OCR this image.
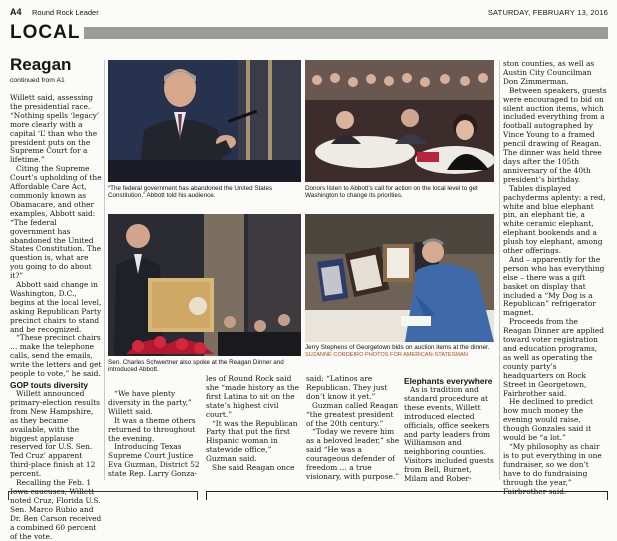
A4 Round Rock Leader	SATURDAY, FEBRUARY 13, 2016
LOCAL
Reagan
continued from A1

Willett said, assessing the presidential race. “Nothing spells ‘legacy’ more clearly with a capital ‘L’ than who the president puts on the Supreme Court for a lifetime.”

Citing the Supreme Court’s upholding of the Affordable Care Act, commonly known as Obamacare, and other examples, Abbott said: “The federal government has abandoned the United States Constitution. The question is, what are you going to do about it?”

Abbott said change in Washington, D.C., begins at the local level, asking Republican Party precinct chairs to stand and be recognized.

“These precinct chairs … make the telephone calls, send the emails, write the letters and get people to vote,” he said.

GOP touts diversity

Willett announced primary-election results from New Hampshire, as they became available, with the biggest applause reserved for U.S. Sen. Ted Cruz’ apparent third-place finish at 12 percent.

Recalling the Feb. 1 Iowa caucuses, Willett noted Cruz, Florida U.S. Sen. Marco Rubio and Dr. Ben Carson received a combined 60 percent of the vote.

“The federal government has abandoned the United States Constitution,” Abbott told his audience.
Donors listen to Abbott’s call for action on the local level to get Washington to change its priorities.
Sen. Charles Schwertner also spoke at the Reagan Dinner and introduced Abbott.
Jerry Stephens of Georgetown bids on auction items at the dinner. SUZANNE CORDEIRO PHOTOS FOR AMERICAN-STATESMAN

“We have plenty diversity in the party,” Willett said.

It was a theme others returned to throughout the evening.

Introducing Texas Supreme Court Justice Eva Guzman, District 52 state Rep. Larry Gonza-

les of Round Rock said she “made history as the first Latina to sit on the state’s highest civil court.”

“It was the Republican Party that put the first Hispanic woman in statewide office,” Guzman said.

She said Reagan once

said: “Latinos are Republican. They just don’t know it yet.”

Guzman called Reagan “the greatest president of the 20th century.”

“Today we revere him as a beloved leader,” she said “He was a courageous defender of freedom … a true visionary, with purpose.”

Elephants everywhere

As is tradition and standard procedure at these events, Willett introduced elected officials, office seekers and party leaders from Williamson and neighboring counties. Visitors included guests from Bell, Burnet, Milam and Rober-

ston counties, as well as Austin City Councilman Don Zimmerman.

Between speakers, guests were encouraged to bid on silent auction items, which included everything from a football autographed by Vince Young to a framed pencil drawing of Reagan. The dinner was held three days after the 105th anniversary of the 40th president’s birthday.

Tables displayed pachyderms aplenty: a red, white and blue elephant pin, an elephant tie, a white ceramic elephant, elephant bookends and a plush toy elephant, among other offerings.

And – apparently for the person who has everything else – there was a gift basket on display that included a “My Dog is a Republican” refrigerator magnet.

Proceeds from the Reagan Dinner are applied toward voter registration and education programs, as well as operating the county party’s headquarters on Rock Street in Georgetown, Fairbrother said.

He declined to predict how much money the evening would raise, though Gonzales said it would be “a lot.”

“My philosophy as chair is to put everything in one fundraiser, so we don’t have to do fundraising through the year,” Fairbrother said.
